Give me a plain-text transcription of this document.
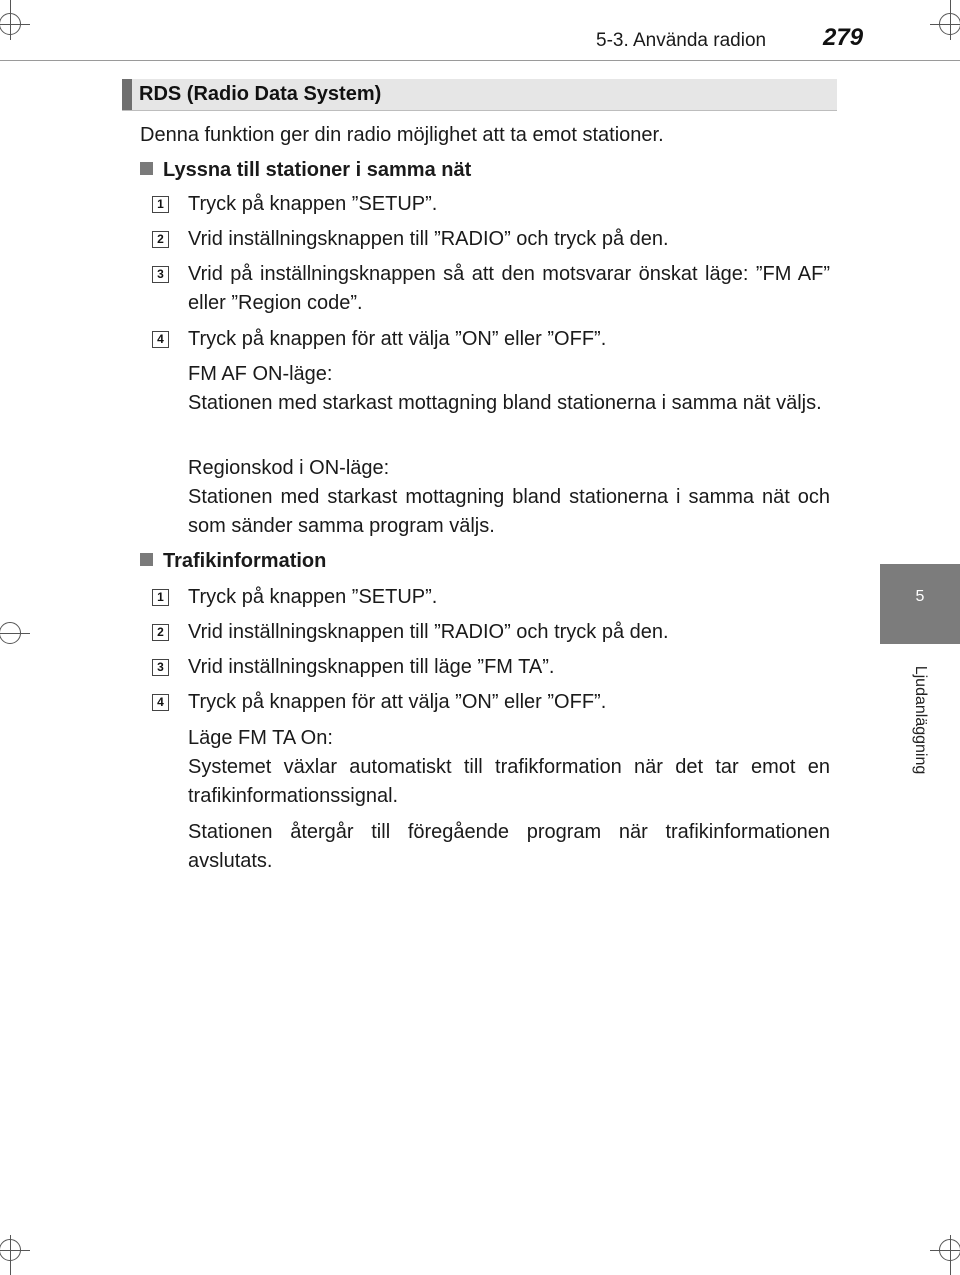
5-3. Använda radion 279
5
Ljudanläggning
RDS (Radio Data System)
Denna funktion ger din radio möjlighet att ta emot stationer.
Lyssna till stationer i samma nät
1 Tryck på knappen ”SETUP”.
2 Vrid inställningsknappen till ”RADIO” och tryck på den.
3 Vrid på inställningsknappen så att den motsvarar önskat läge: ”FM AF” eller ”Region code”.
4 Tryck på knappen för att välja ”ON” eller ”OFF”.
FM AF ON-läge:
Stationen med starkast mottagning bland stationerna i samma nät väljs.
Regionskod i ON-läge:
Stationen med starkast mottagning bland stationerna i samma nät och som sänder samma program väljs.
Trafikinformation
1 Tryck på knappen ”SETUP”.
2 Vrid inställningsknappen till ”RADIO” och tryck på den.
3 Vrid inställningsknappen till läge ”FM TA”.
4 Tryck på knappen för att välja ”ON” eller ”OFF”.
Läge FM TA On:
Systemet växlar automatiskt till trafikformation när det tar emot en trafikinformationssignal.
Stationen återgår till föregående program när trafikinformationen avslutats.
